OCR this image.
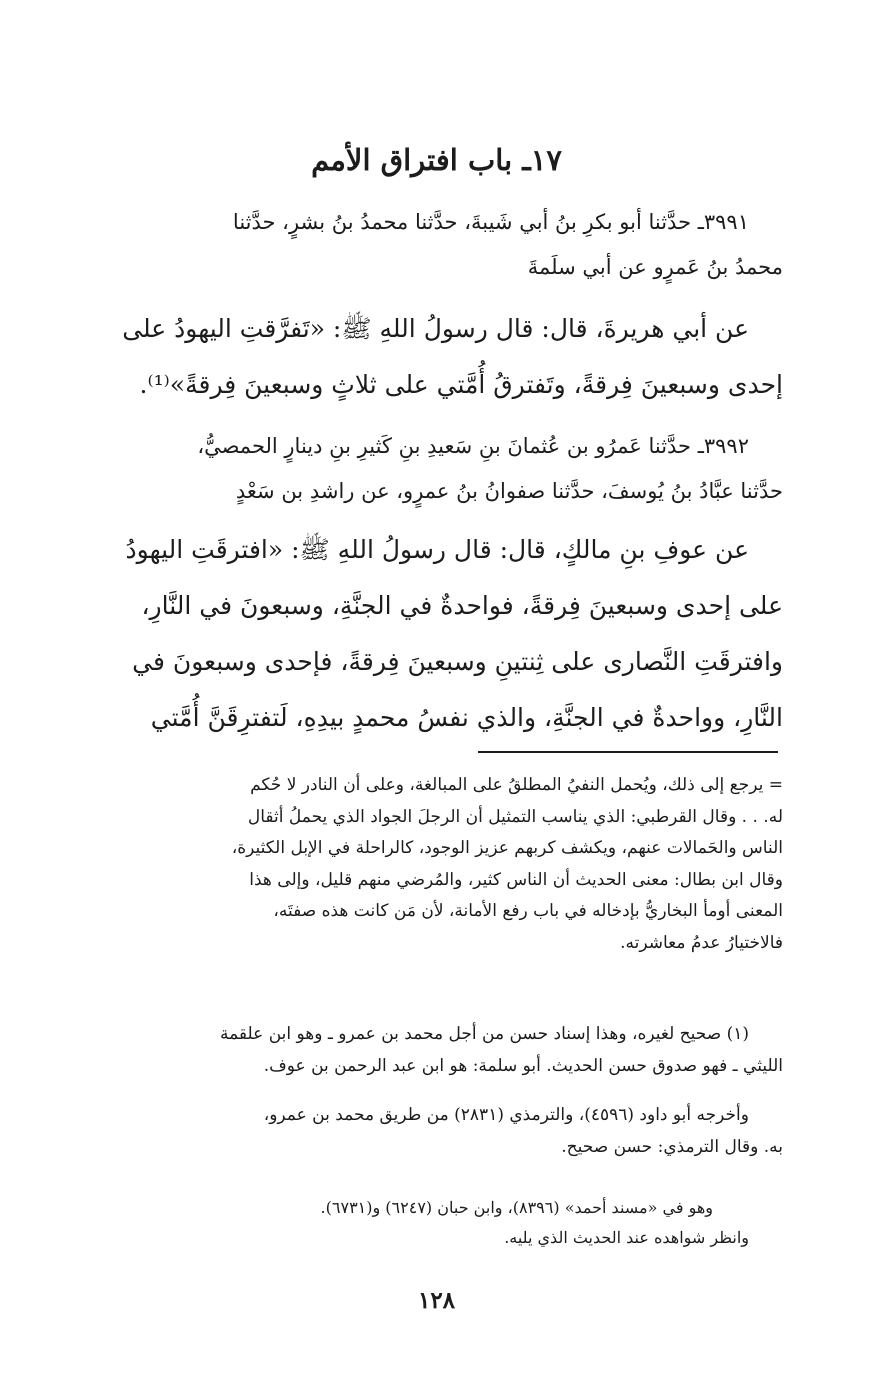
١٧ـ باب افتراق الأمم
٣٩٩١ـ حدَّثنا أبو بكرِ بنُ أبي شَيبةَ، حدَّثنا محمدُ بنُ بشرٍ، حدَّثنا
محمدُ بنُ عَمرٍو عن أبي سلَمةَ
عن أبي هريرةَ، قال: قال رسولُ اللهِ ﷺ: «تَفرَّقتِ اليهودُ على
إحدى وسبعينَ فِرقةً، وتَفترقُ أُمَّتي على ثلاثٍ وسبعينَ فِرقةً»⁽¹⁾.
٣٩٩٢ـ حدَّثنا عَمرُو بن عُثمانَ بنِ سَعيدِ بنِ كَثيرِ بنِ دينارٍ الحمصيُّ،
حدَّثنا عبَّادُ بنُ يُوسفَ، حدَّثنا صفوانُ بنُ عمرٍو، عن راشدِ بن سَعْدٍ
عن عوفِ بنِ مالكٍ، قال: قال رسولُ اللهِ ﷺ: «افترقَتِ اليهودُ
على إحدى وسبعينَ فِرقةً، فواحدةٌ في الجنَّةِ، وسبعونَ في النَّارِ،
وافترقَتِ النَّصارى على ثِنتينِ وسبعينَ فِرقةً، فإحدى وسبعونَ في
النَّارِ، وواحدةٌ في الجنَّةِ، والذي نفسُ محمدٍ بيدِهِ، لَتفترِقَنَّ أُمَّتي
= يرجع إلى ذلك، ويُحمل النفيُ المطلقُ على المبالغة، وعلى أن النادر لا حُكم
له. . . وقال القرطبي: الذي يناسب التمثيل أن الرجلَ الجواد الذي يحملُ أثقال
الناس والحَمالات عنهم، ويكشف كربهم عزيز الوجود، كالراحلة في الإبل الكثيرة،
وقال ابن بطال: معنى الحديث أن الناس كثير، والمُرضي منهم قليل، وإلى هذا
المعنى أومأ البخاريُّ بإدخاله في باب رفع الأمانة، لأن مَن كانت هذه صفتَه،
فالاختيارُ عدمُ معاشرته.
(١) صحيح لغيره، وهذا إسناد حسن من أجل محمد بن عمرو ـ وهو ابن علقمة
الليثي ـ فهو صدوق حسن الحديث. أبو سلمة: هو ابن عبد الرحمن بن عوف.
وأخرجه أبو داود (٤٥٩٦)، والترمذي (٢٨٣١) من طريق محمد بن عمرو،
به. وقال الترمذي: حسن صحيح.
وهو في «مسند أحمد» (٨٣٩٦)، وابن حبان (٦٢٤٧) و(٦٧٣١).
وانظر شواهده عند الحديث الذي يليه.
١٢٨
